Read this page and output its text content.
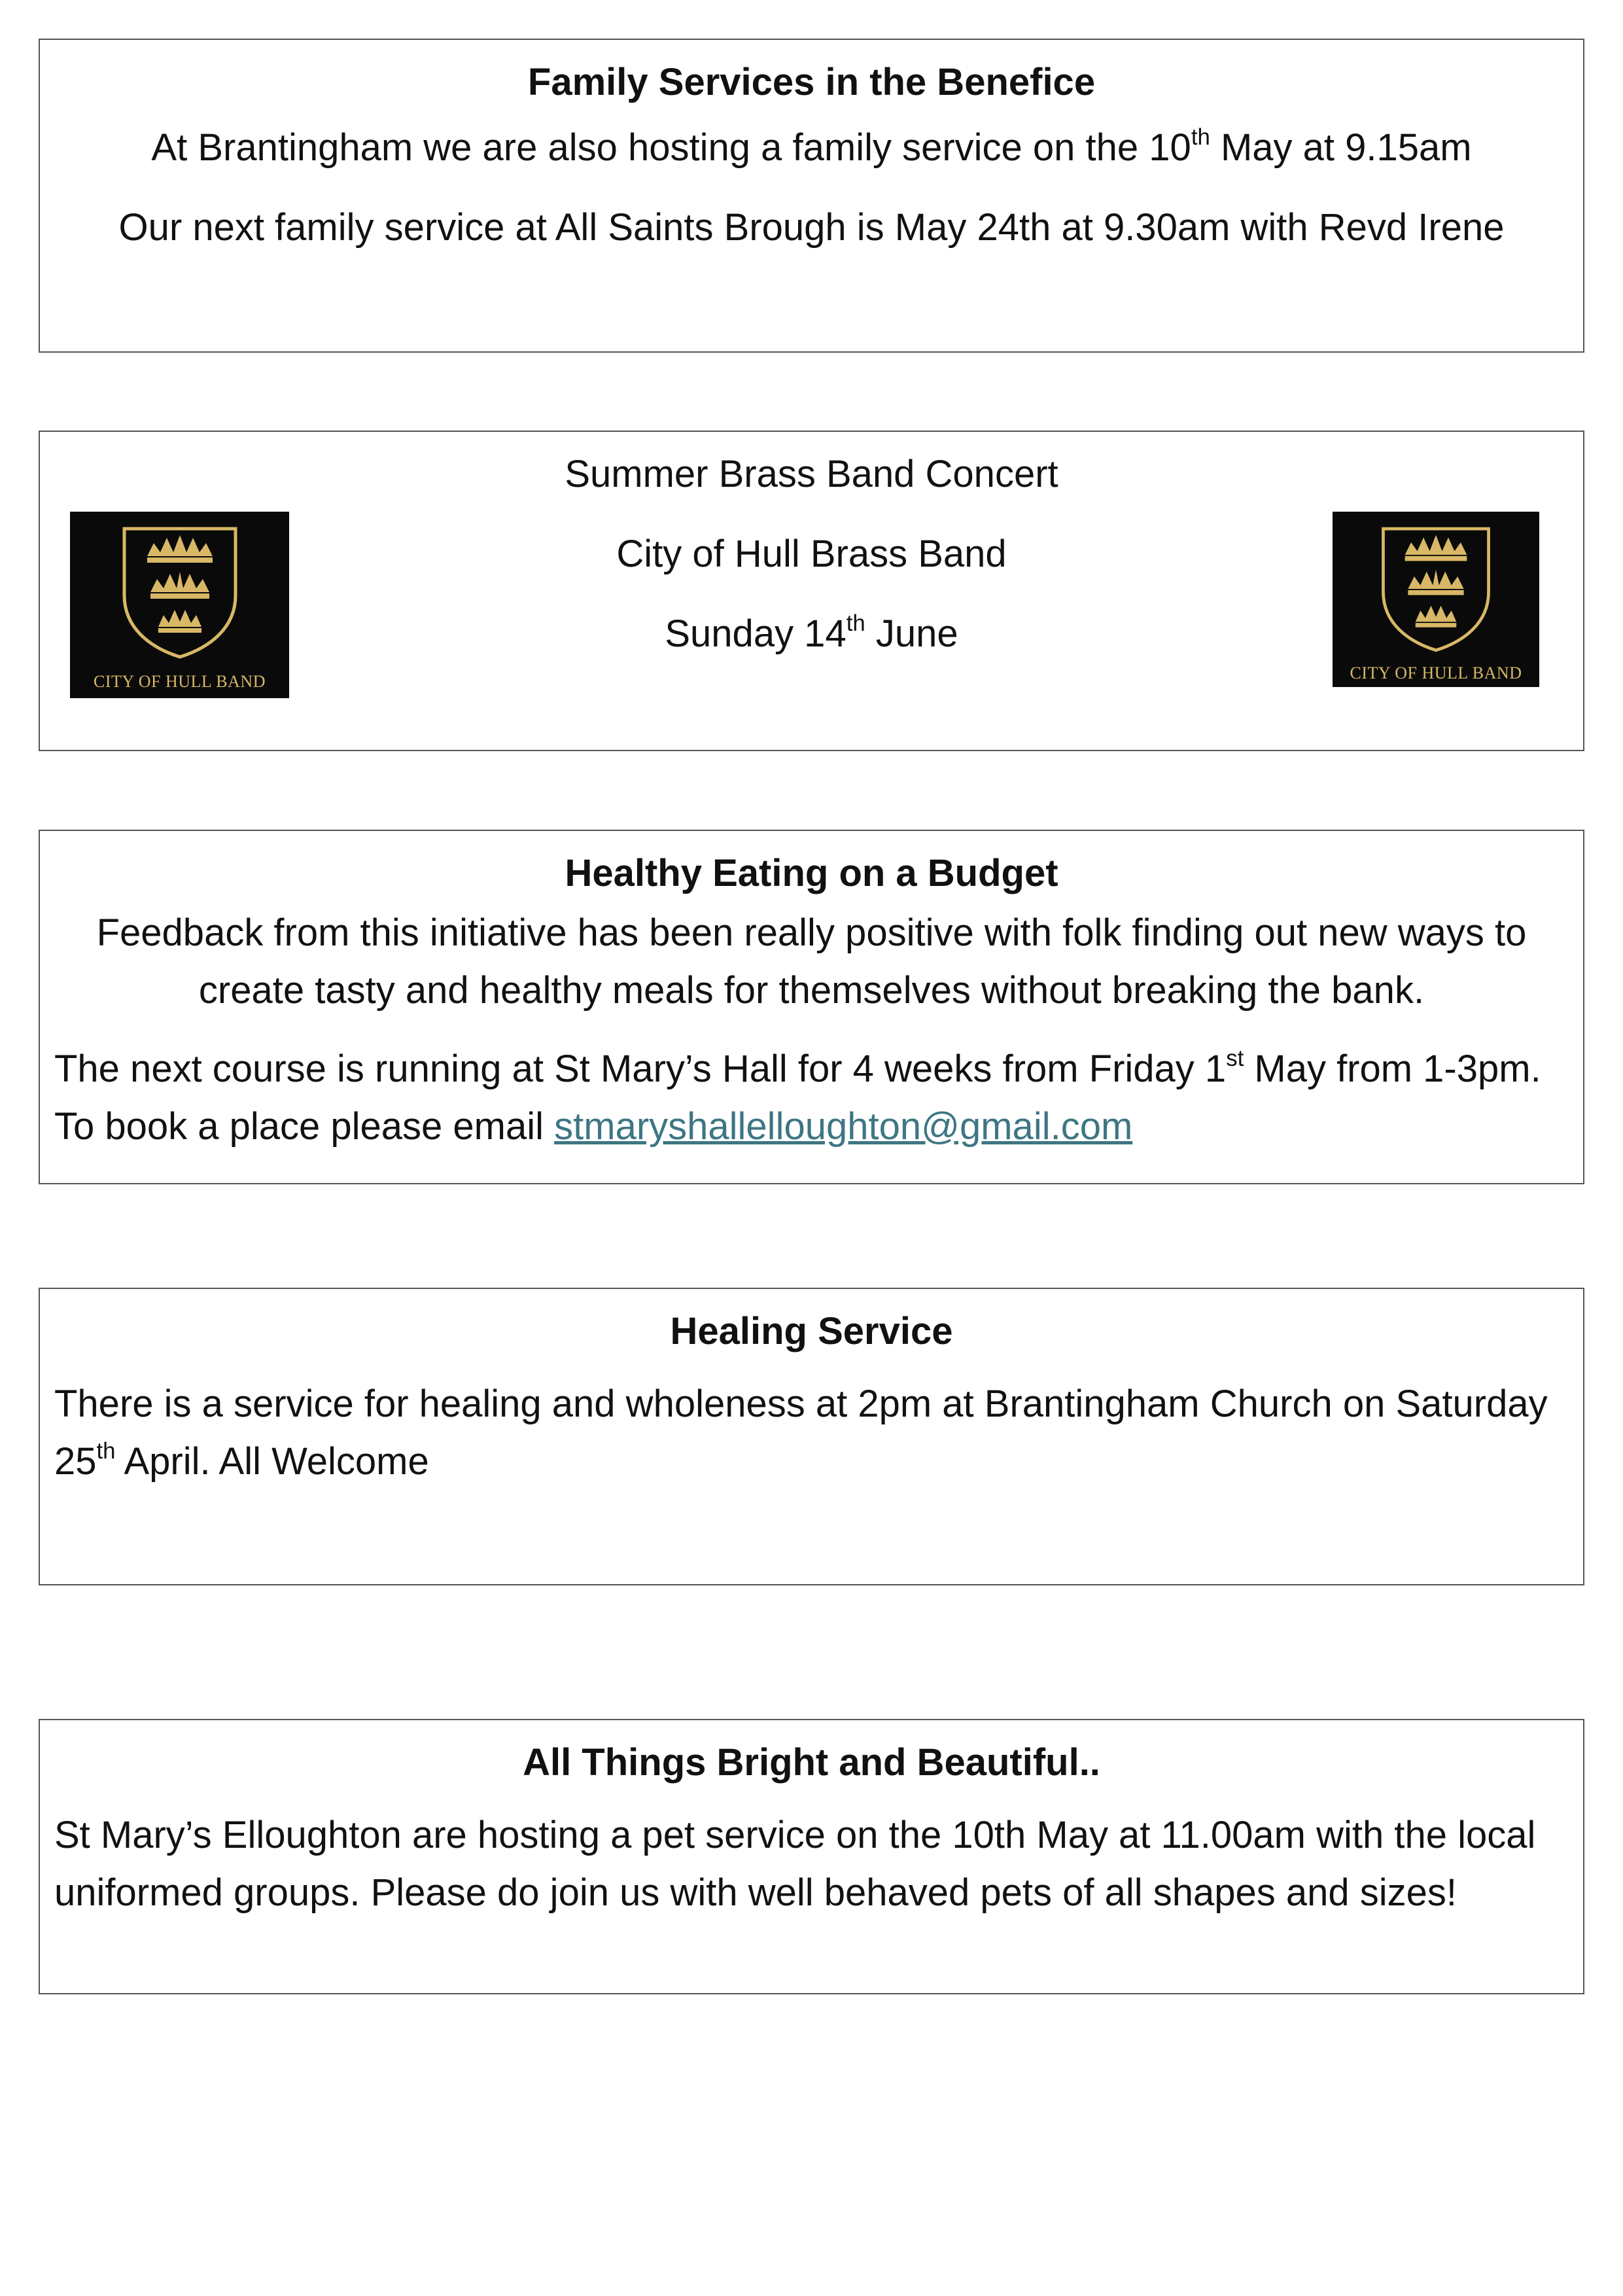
Family Services in the Benefice
At Brantingham we are also hosting a family service on the 10th May at 9.15am
Our next family service at All Saints Brough is May 24th at 9.30am with Revd Irene
Summer Brass Band Concert
City of Hull Brass Band
Sunday 14th June
CITY OF HULL BAND	CITY OF HULL BAND
Healthy Eating on a Budget
Feedback from this initiative has been really positive with folk finding out new ways to create tasty and healthy meals for themselves without breaking the bank.
The next course is running at St Mary’s Hall for 4 weeks from Friday 1st May from 1-3pm. To book a place please email stmaryshallelloughton@gmail.com
Healing Service
There is a service for healing and wholeness at 2pm at Brantingham Church on Saturday 25th April. All Welcome
All Things Bright and Beautiful..
St Mary’s Elloughton are hosting a pet service on the 10th May at 11.00am with the local uniformed groups. Please do join us with well behaved pets of all shapes and sizes!
